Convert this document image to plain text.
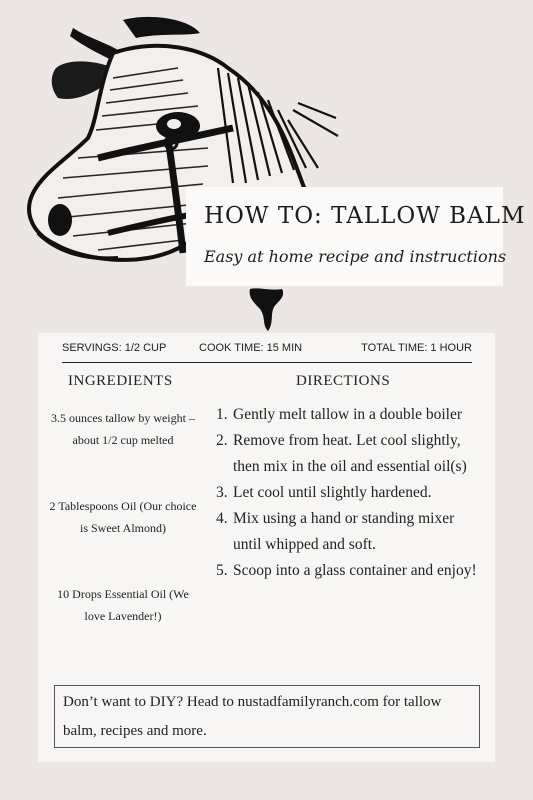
HOW TO: TALLOW BALM
Easy at home recipe and instructions
SERVINGS: 1/2 CUP	COOK TIME: 15 MIN	TOTAL TIME: 1 HOUR
INGREDIENTS	DIRECTIONS
3.5 ounces tallow by weight – about 1/2 cup melted
2 Tablespoons Oil (Our choice is Sweet Almond)
10 Drops Essential Oil (We love Lavender!)
1. Gently melt tallow in a double boiler
2. Remove from heat. Let cool slightly, then mix in the oil and essential oil(s)
3. Let cool until slightly hardened.
4. Mix using a hand or standing mixer until whipped and soft.
5. Scoop into a glass container and enjoy!
Don’t want to DIY? Head to nustadfamilyranch.com for tallow balm, recipes and more.
